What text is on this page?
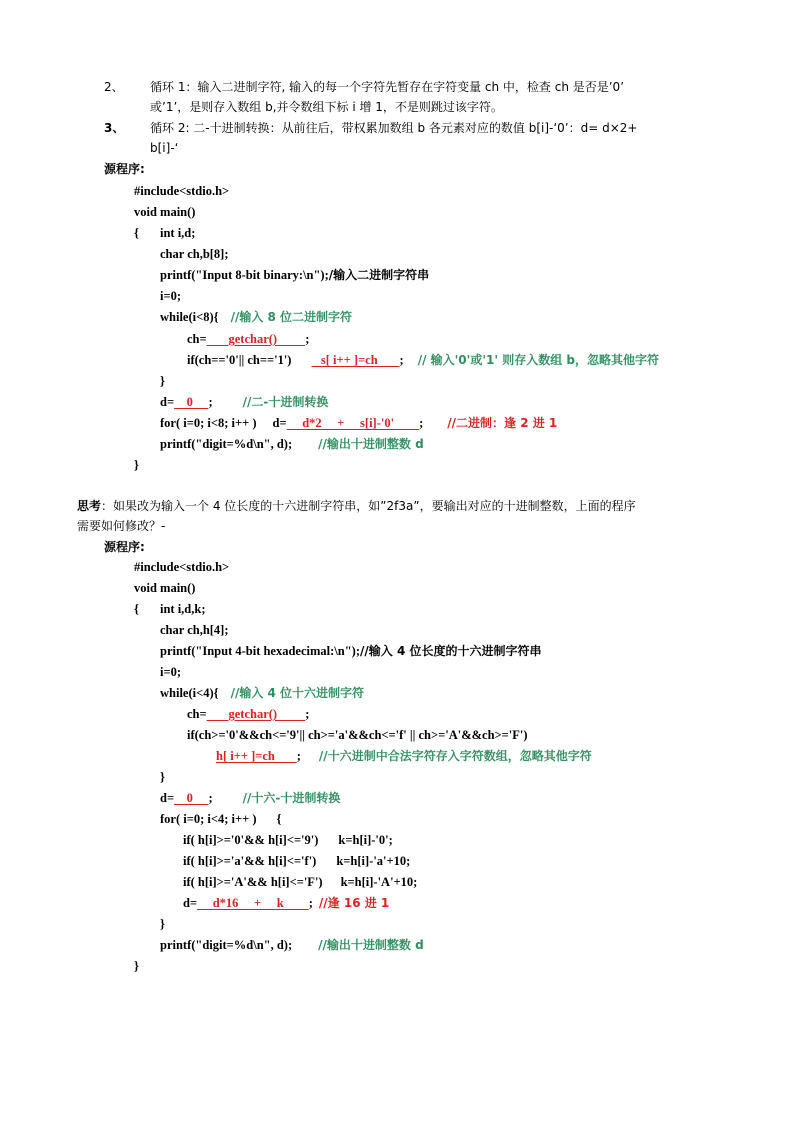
2、 循环 1：输入二进制字符, 输入的每一个字符先暂存在字符变量 ch 中，检查 ch 是否是’0’
或’1’，是则存入数组 b,并令数组下标 i 增 1，不是则跳过该字符。
3、 循环 2: 二-十进制转换：从前往后，带权累加数组 b 各元素对应的数值 b[i]-‘0’：d= d×2+
b[i]-‘
源程序:
#include<stdio.h>
void main()
{ int i,d;
char ch,b[8];
printf("Input 8-bit binary:\n");/输入二进制字符串
i=0;
while(i<8){ //输入 8 位二进制字符
ch=       getchar()         ;
if(ch=='0'|| ch=='1')   s[ i++ ]=ch       ; // 输入'0'或'1' 则存入数组 b，忽略其他字符
}
d=    0     ;	//二-十进制转换
for( i=0; i<8; i++ ) d=     d*2     +     s[i]-'0'        ; //二进制：逢 2 进 1
printf("digit=%d\n", d); //输出十进制整数 d
}
思考：如果改为输入一个 4 位长度的十六进制字符串，如”2f3a”，要输出对应的十进制整数，上面的程序
需要如何修改？-
源程序:
#include<stdio.h>
void main()
{ int i,d,k;
char ch,h[4];
printf("Input 4-bit hexadecimal:\n");//输入 4 位长度的十六进制字符串
i=0;
while(i<4){ //输入 4 位十六进制字符
ch=       getchar()         ;
if(ch>='0'&&ch<='9'|| ch>='a'&&ch<='f' || ch>='A'&&ch>='F')
h[ i++ ]=ch       ; //十六进制中合法字符存入字符数组，忽略其他字符
}
d=    0     ;	//十六-十进制转换
for( i=0; i<4; i++ ) {
if( h[i]>='0'&& h[i]<='9') k=h[i]-'0';
if( h[i]>='a'&& h[i]<='f') k=h[i]-'a'+10;
if( h[i]>='A'&& h[i]<='F') k=h[i]-'A'+10;
d=     d*16     +     k        ; //逢 16 进 1
}
printf("digit=%d\n", d); //输出十进制整数 d
}
